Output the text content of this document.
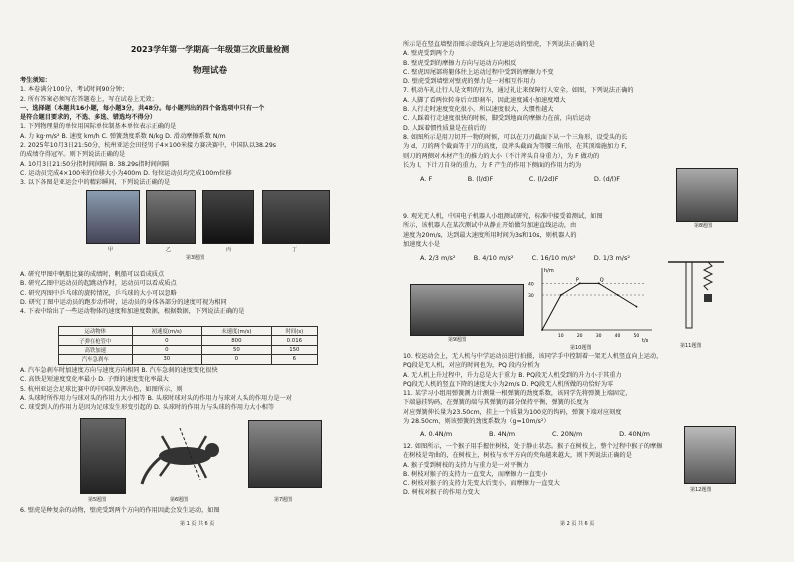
2023学年第一学期高一年级第三次质量检测
物理试卷
考生须知：
1. 本卷满分100分，考试时间90分钟；
2. 所有答案必须写在答题卷上，写在试卷上无效；
一、选择题（本题共16小题，每小题3分，共48分。每小题列出的四个备选项中只有一个
是符合题目要求的，不选、多选、错选均不得分）
1. 下列物理量的单位用国际单位制基本单位表示正确的是
A. 力 kg·m/s² B. 速度 km/h C. 弹簧劲度系数 N/kg D. 滑动摩擦系数 N/m
2. 2025年10月3日21:50分，杭州亚运会田径男子4×100米接力赛决赛中，中国队以38.29s
的成绩夺得冠军。则下列说法正确的是
A. 10月3日21:50分指时间间隔 B. 38.29s指时间间隔
C. 运动员完成4×100米的位移大小为400m D. 每位运动员均完成100m位移
3. 以下各图是亚运会中的精彩瞬间，下列说法正确的是
甲	乙
第3题图
丙	丁
A. 研究甲图中帆船比赛的成绩时，帆船可以看成质点
B. 研究乙图中运动员的起跳动作时，运动员可以看成质点
C. 研究丙图中乒乓球的旋转情况，乒乓球的大小可以忽略
D. 研究丁图中运动员的跑步动作时，运动员的身体各部分的速度可视为相同
4. 下表中给出了一些运动物体的速度和加速度数据，根据数据，下列说法正确的是
运动物体	初速度(m/s)	末速度(m/s)	时间(s)
子弹在枪管中	0	800	0.016
高铁加速	0	50	150
汽车急刹车	30	0	6
A. 汽车急刹车时加速度方向与速度方向相同 B. 汽车急刹的速度变化很快
C. 高铁是短速度变化率最小 D. 子弹的速度变化率最大
5. 杭州亚运会足球比赛中的中国队发挥出色，如图所示，则
A. 头球时所作用力与球对头的作用力大小相等 B. 头球时球对头的作用力与球对人头的作用力是一对
C. 球受到人的作用力是因为足球发生形变引起的 D. 头球时的作用力与头球的作用力大小相等
第5题图	第6题图	第7题图
6. 壁虎是种复杂的动物，壁虎受到两个方向的作用因此会发生运动，如图
第 1 页 共 6 页
所示是在竖直墙壁沿图示虚线向上匀速运动的壁虎，下列说法正确的是
A. 壁虎受到两个力
B. 壁虎受到的摩擦力方向与运动方向相反
C. 壁虎因尾部将躯体往上运动过程中受到的摩擦力不变
D. 壁虎受到墙壁对壁虎的弹力是一对相互作用力
7. 机动车礼让行人是文明的行为，通过礼让来保障行人安全。如图，下列说法正确的
A. 人脚了看两位转身后立即刹车，因此速度减小加速度增大
B. 人行走时速度变化很小，所以速度很大，大惯性越大
C. 人踩着行走速度很快的时候，脚受到地面的摩擦力在前，向后运动
D. 人踩着惯性质量是在前后的
8. 如图所示是用刀切开一物的时候，可以在刀刃截面下从一个三角形，设受头的长
为 d，刀的两个截面等于刀的高度，设斧头截面为等腰三角形，在其顶端施加力 F，
则刀的两侧对木材产生的推力的大小（不计斧头自身重力），为 F 做功的
长为 l，下计刀自身的重力，力 F 产生的作用下侧面的作用力约为
A. F	B. (l/d)F	C. (l/2d)F	D. (d/l)F
第8题图
9. 观光无人机，中国电子机器人小组测试研究，标准中接受着测试，如图
所示，该机器人在某次测试中从静止开始做匀加速直线运动，由
速度为20m/s，达到最大速度所用时间为3s和10s，则机器人的
加速度大小是
A. 2/3 m/s²	B. 4/10 m/s²	C. 16/10 m/s²	D. 1/3 m/s²
第9题图	t/s
h/m
10	20	30	40	50
30
40
P	Q
第10题图	第11题图
10. 校运动会上，无人机与中学运动员进行拍摄，该同学手中控制着一架无人机竖直向上运动，
PQ段是无人机，对应的时间也为，PQ 段内分析为
A. 无人机上升过程中，升力总是大于重力 B. PQ段无人机受到的升力小于其重力
PQ段无人机的竖直下降的速度大小为2m/s D. PQ段无人机所做的功恰好为零
11. 某学习小组用弹簧测力计测量一根弹簧的劲度系数，该同学先将弹簧上端固定，
下端悬挂钩码，在弹簧的端与其弹簧的部分保持平衡，弹簧的长度为
对应弹簧伸长量为23.50cm，挂上一个质量为100克的钩码，弹簧下端对应刻度
为 28.50cm，则该弹簧的劲度系数为（g=10m/s²）
A. 0.4N/m	B. 4N/m	C. 20N/m	D. 40N/m
12. 如图所示，一个猴子用手握住树枝，处于静止状态。猴子在树枝上，整个过程中猴子的摩擦
在树枝是弯曲的，在树枝上，树枝与水平方向的夹角越来越大，则下列说法正确的是
A. 猴子受到树枝的支持力与重力是一对平衡力
B. 树枝对猴子的支持力一直变大，而摩擦力一直变小
C. 树枝对猴子的支持力先变大后变小，而摩擦力一直变大
D. 树枝对猴子的作用力变大	第12题图
第 2 页 共 6 页
